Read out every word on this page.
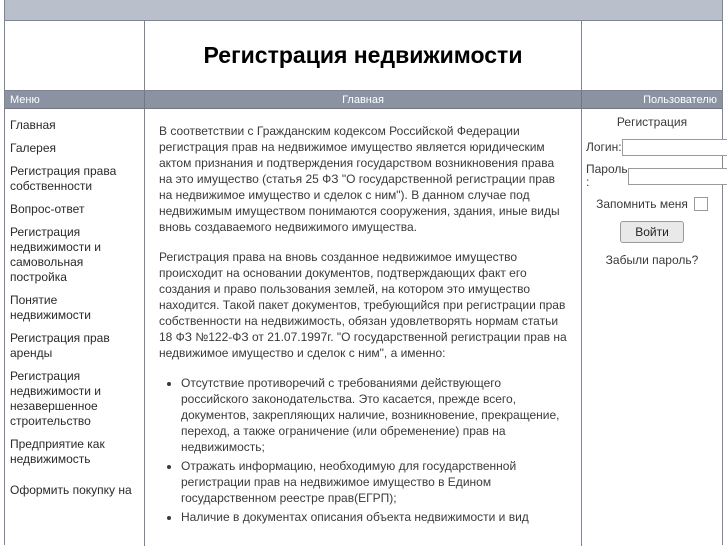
Регистрация недвижимости
Меню	Главная	Пользователю
Главная
Галерея
Регистрация права собственности
Вопрос-ответ
Регистрация недвижимости и самовольная постройка
Понятие недвижимости
Регистрация прав аренды
Регистрация недвижимости и незавершенное строительство
Предприятие как недвижимость
Оформить покупку на

В соответствии с Гражданским кодексом Российской Федерации регистрация прав на недвижимое имущество является юридическим актом признания и подтверждения государством возникновения права на это имущество (статья 25 ФЗ "О государственной регистрации прав на недвижимое имущество и сделок с ним"). В данном случае под недвижимым имуществом понимаются сооружения, здания, иные виды вновь создаваемого недвижимого имущества.

Регистрация права на вновь созданное недвижимое имущество происходит на основании документов, подтверждающих факт его создания и право пользования землей, на котором это имущество находится. Такой пакет документов, требующийся при регистрации прав собственности на недвижимость, обязан удовлетворять нормам статьи 18 ФЗ №122-ФЗ от 21.07.1997г. "О государственной регистрации прав на недвижимое имущество и сделок с ним", а именно:

• Отсутствие противоречий с требованиями действующего российского законодательства. Это касается, прежде всего, документов, закрепляющих наличие, возникновение, прекращение, переход, а также ограничение (или обременение) прав на недвижимость;
• Отражать информацию, необходимую для государственной регистрации прав на недвижимое имущество в Едином государственном реестре прав(ЕГРП);
• Наличие в документах описания объекта недвижимости и вид
Регистрация
Логин:
Пароль :
Запомнить меня
Войти
Забыли пароль?
